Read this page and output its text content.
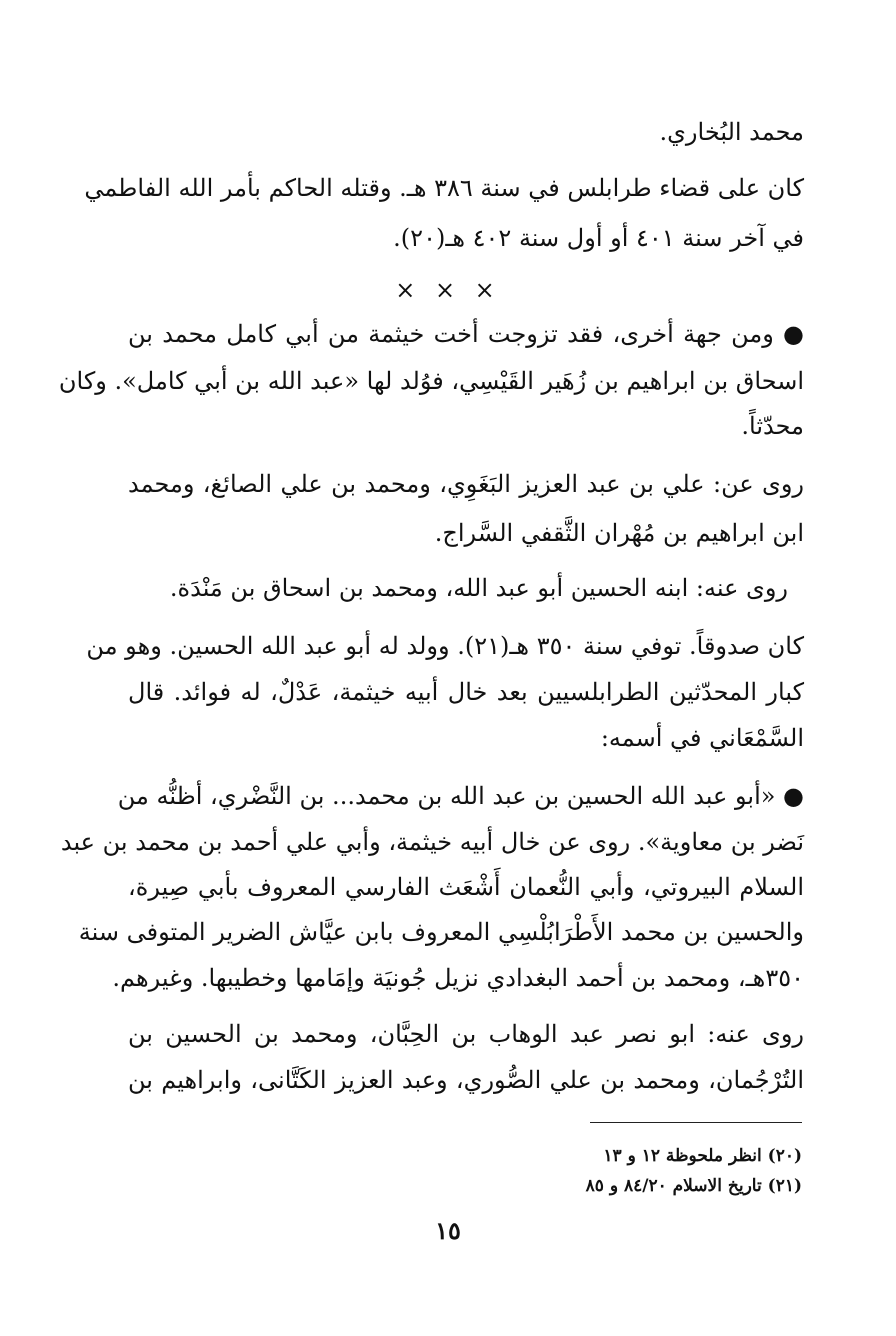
محمد البُخاري.
كان على قضاء طرابلس في سنة ٣٨٦ هـ. وقتله الحاكم بأمر الله الفاطمي
في آخر سنة ٤٠١ أو أول سنة ٤٠٢ هـ(٢٠).
× × ×
● ومن جهة أخرى، فقد تزوجت أخت خيثمة من أبي كامل محمد بن
اسحاق بن ابراهيم بن زُهَير القَيْسِي، فوُلد لها «عبد الله بن أبي كامل». وكان
محدّثاً.
روى عن: علي بن عبد العزيز البَغَوِي، ومحمد بن علي الصائغ، ومحمد
ابن ابراهيم بن مُهْران الثَّقفي السَّراج.
روى عنه: ابنه الحسين أبو عبد الله، ومحمد بن اسحاق بن مَنْدَة.
كان صدوقاً. توفي سنة ٣٥٠ هـ(٢١). وولد له أبو عبد الله الحسين. وهو من
كبار المحدّثين الطرابلسيين بعد خال أبيه خيثمة، عَدْلٌ، له فوائد. قال
السَّمْعَاني في أسمه:
● «أبو عبد الله الحسين بن عبد الله بن محمد... بن النَّضْري، أظنُّه من
نَضر بن معاوية». روى عن خال أبيه خيثمة، وأبي علي أحمد بن محمد بن عبد
السلام البيروتي، وأبي النُّعمان أَشْعَث الفارسي المعروف بأبي صِيرة،
والحسين بن محمد الأَطْرَابُلْسِي المعروف بابن عيَّاش الضرير المتوفى سنة
٣٥٠هـ، ومحمد بن أحمد البغدادي نزيل جُونيَة وإمَامها وخطيبها. وغيرهم.
روى عنه: ابو نصر عبد الوهاب بن الحِبَّان، ومحمد بن الحسين بن
التُرْجُمان، ومحمد بن علي الصُّوري، وعبد العزيز الكَتَّانى، وابراهيم بن
(٢٠) انظر ملحوظة ١٢ و ١٣
(٢١) تاريخ الاسلام ٨٤/٢٠ و ٨٥
١٥
